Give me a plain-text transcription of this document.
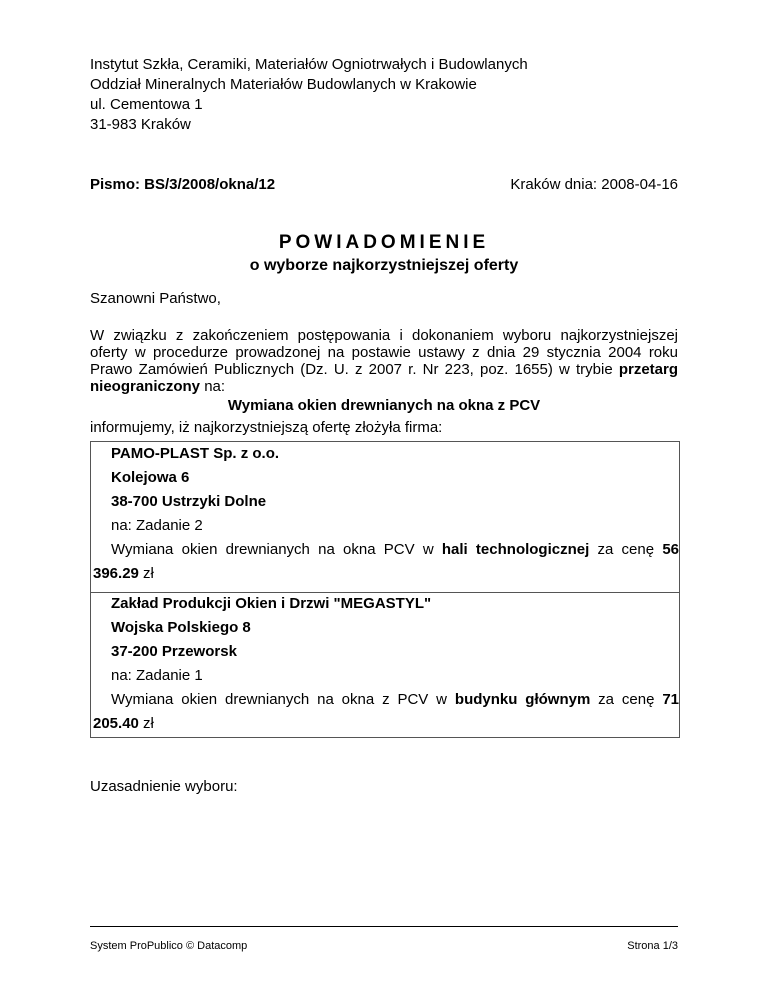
Instytut Szkła, Ceramiki, Materiałów Ogniotrwałych i Budowlanych
Oddział Mineralnych Materiałów Budowlanych w Krakowie
ul. Cementowa 1
31-983 Kraków
Pismo: BS/3/2008/okna/12	Kraków dnia: 2008-04-16
POWIADOMIENIE
o wyborze najkorzystniejszej oferty
Szanowni Państwo,
W związku z zakończeniem postępowania i dokonaniem wyboru najkorzystniejszej oferty w procedurze prowadzonej na postawie ustawy z dnia 29 stycznia 2004 roku Prawo Zamówień Publicznych (Dz. U. z 2007 r. Nr 223, poz. 1655) w trybie przetarg nieograniczony na:
Wymiana okien drewnianych na okna z PCV
informujemy, iż najkorzystniejszą ofertę złożyła firma:
PAMO-PLAST Sp. z o.o.
Kolejowa 6
38-700 Ustrzyki Dolne
na: Zadanie 2
Wymiana okien drewnianych na okna PCV w hali technologicznej za cenę 56
396.29 zł
Zakład Produkcji Okien i Drzwi "MEGASTYL"
Wojska Polskiego 8
37-200 Przeworsk
na: Zadanie 1
Wymiana okien drewnianych na okna z PCV w budynku głównym za cenę 71
205.40 zł
Uzasadnienie wyboru:
System ProPublico © Datacomp	Strona 1/3
